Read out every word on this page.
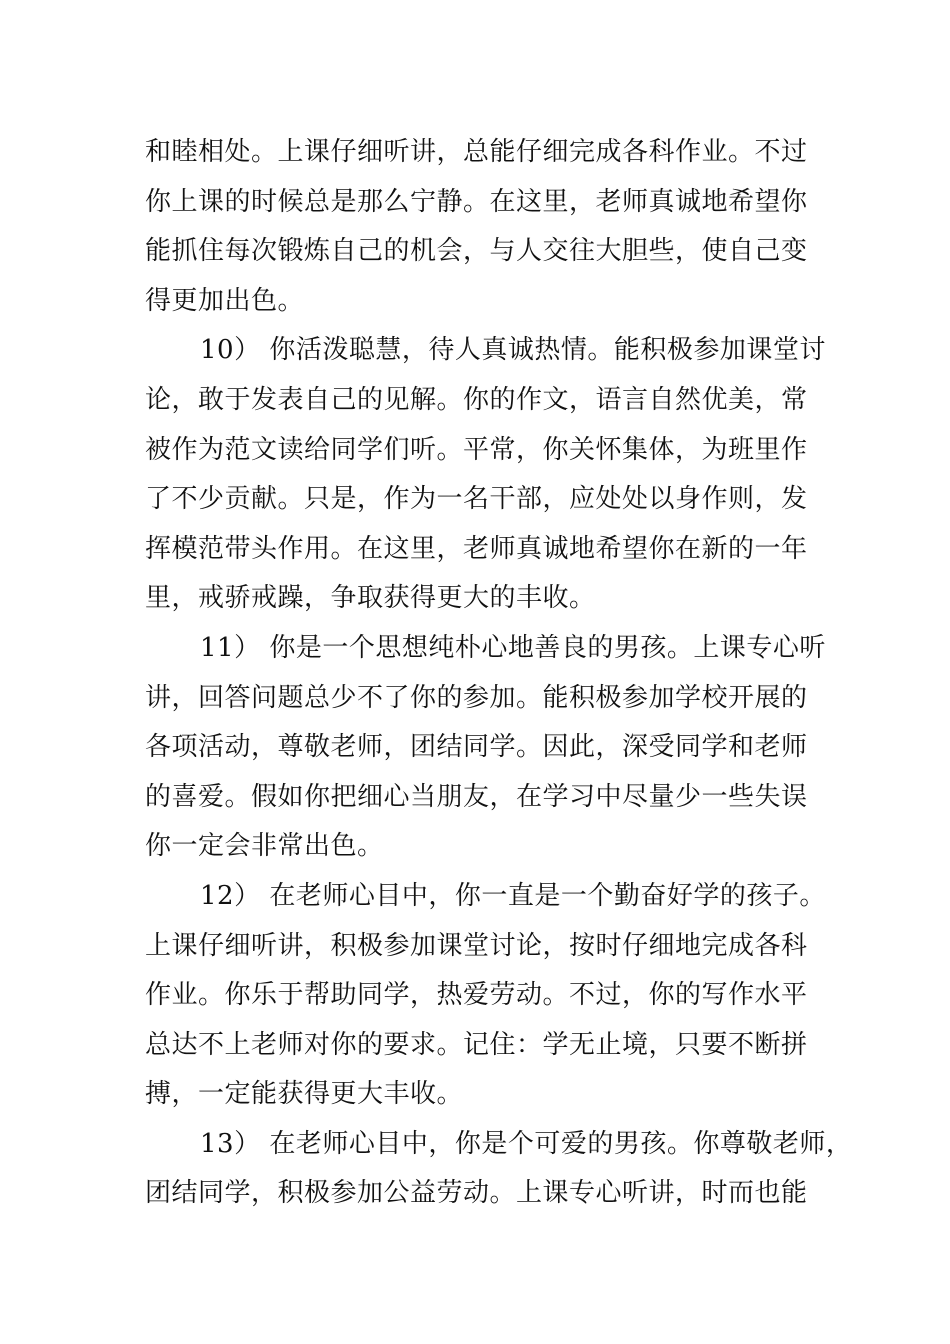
和睦相处。上课仔细听讲，总能仔细完成各科作业。不过
你上课的时候总是那么宁静。在这里，老师真诚地希望你
能抓住每次锻炼自己的机会，与人交往大胆些，使自己变
得更加出色。
10） 你活泼聪慧，待人真诚热情。能积极参加课堂讨
论，敢于发表自己的见解。你的作文，语言自然优美，常
被作为范文读给同学们听。平常，你关怀集体，为班里作
了不少贡献。只是，作为一名干部，应处处以身作则，发
挥模范带头作用。在这里，老师真诚地希望你在新的一年
里，戒骄戒躁，争取获得更大的丰收。
11） 你是一个思想纯朴心地善良的男孩。上课专心听
讲，回答问题总少不了你的参加。能积极参加学校开展的
各项活动，尊敬老师，团结同学。因此，深受同学和老师
的喜爱。假如你把细心当朋友，在学习中尽量少一些失误
你一定会非常出色。
12） 在老师心目中，你一直是一个勤奋好学的孩子。
上课仔细听讲，积极参加课堂讨论，按时仔细地完成各科
作业。你乐于帮助同学，热爱劳动。不过，你的写作水平
总达不上老师对你的要求。记住：学无止境，只要不断拼
搏，一定能获得更大丰收。
13） 在老师心目中，你是个可爱的男孩。你尊敬老师，
团结同学，积极参加公益劳动。上课专心听讲，时而也能
